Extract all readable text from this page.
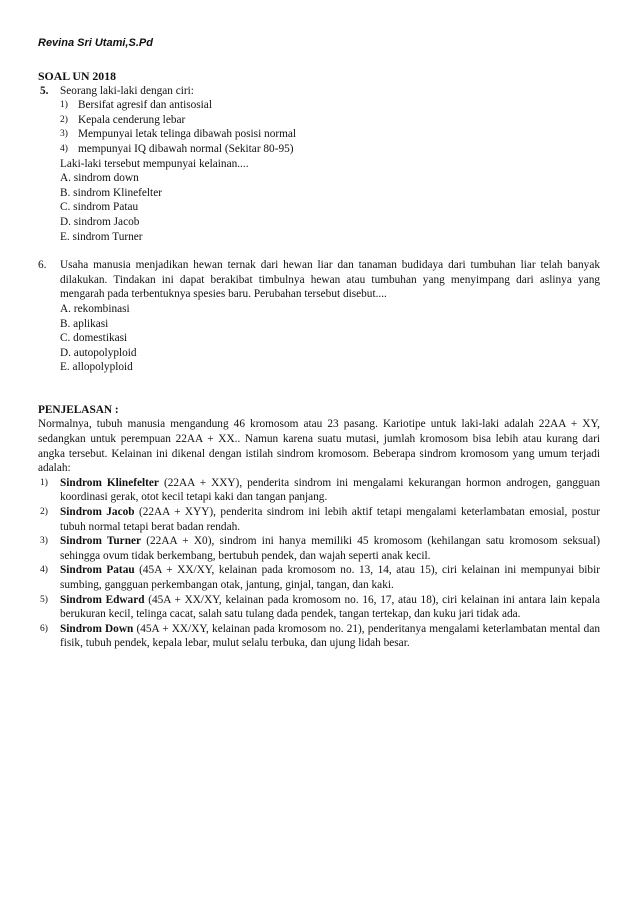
Revina Sri Utami,S.Pd
SOAL UN 2018
5. Seorang laki-laki dengan ciri:
1) Bersifat agresif dan antisosial
2) Kepala cenderung lebar
3) Mempunyai letak telinga dibawah posisi normal
4) mempunyai IQ dibawah normal (Sekitar 80-95)
Laki-laki tersebut mempunyai kelainan....
A. sindrom down
B. sindrom Klinefelter
C. sindrom Patau
D. sindrom Jacob
E. sindrom Turner
6. Usaha manusia menjadikan hewan ternak dari hewan liar dan tanaman budidaya dari tumbuhan liar telah banyak dilakukan. Tindakan ini dapat berakibat timbulnya hewan atau tumbuhan yang menyimpang dari aslinya yang mengarah pada terbentuknya spesies baru. Perubahan tersebut disebut....
A. rekombinasi
B. aplikasi
C. domestikasi
D. autopolyploid
E. allopolyploid
PENJELASAN :
Normalnya, tubuh manusia mengandung 46 kromosom atau 23 pasang. Kariotipe untuk laki-laki adalah 22AA + XY, sedangkan untuk perempuan 22AA + XX.. Namun karena suatu mutasi, jumlah kromosom bisa lebih atau kurang dari angka tersebut. Kelainan ini dikenal dengan istilah sindrom kromosom. Beberapa sindrom kromosom yang umum terjadi adalah:
1) Sindrom Klinefelter (22AA + XXY), penderita sindrom ini mengalami kekurangan hormon androgen, gangguan koordinasi gerak, otot kecil tetapi kaki dan tangan panjang.
2) Sindrom Jacob (22AA + XYY), penderita sindrom ini lebih aktif tetapi mengalami keterlambatan emosial, postur tubuh normal tetapi berat badan rendah.
3) Sindrom Turner (22AA + X0), sindrom ini hanya memiliki 45 kromosom (kehilangan satu kromosom seksual) sehingga ovum tidak berkembang, bertubuh pendek, dan wajah seperti anak kecil.
4) Sindrom Patau (45A + XX/XY, kelainan pada kromosom no. 13, 14, atau 15), ciri kelainan ini mempunyai bibir sumbing, gangguan perkembangan otak, jantung, ginjal, tangan, dan kaki.
5) Sindrom Edward (45A + XX/XY, kelainan pada kromosom no. 16, 17, atau 18), ciri kelainan ini antara lain kepala berukuran kecil, telinga cacat, salah satu tulang dada pendek, tangan tertekap, dan kuku jari tidak ada.
6) Sindrom Down (45A + XX/XY, kelainan pada kromosom no. 21), penderitanya mengalami keterlambatan mental dan fisik, tubuh pendek, kepala lebar, mulut selalu terbuka, dan ujung lidah besar.
